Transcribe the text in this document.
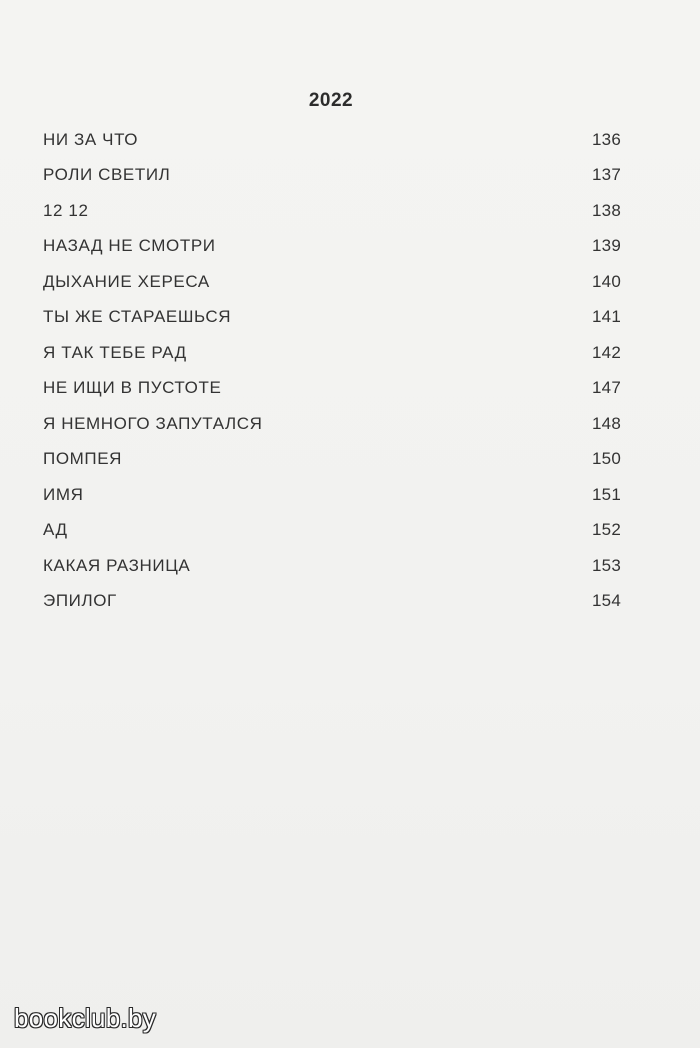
2022
НИ ЗА ЧТО	136
РОЛИ СВЕТИЛ	137
12 12	138
НАЗАД НЕ СМОТРИ	139
ДЫХАНИЕ ХЕРЕСА	140
ТЫ ЖЕ СТАРАЕШЬСЯ	141
Я ТАК ТЕБЕ РАД	142
НЕ ИЩИ В ПУСТОТЕ	147
Я НЕМНОГО ЗАПУТАЛСЯ	148
ПОМПЕЯ	150
ИМЯ	151
АД	152
КАКАЯ РАЗНИЦА	153
ЭПИЛОГ	154
bookclub.by
